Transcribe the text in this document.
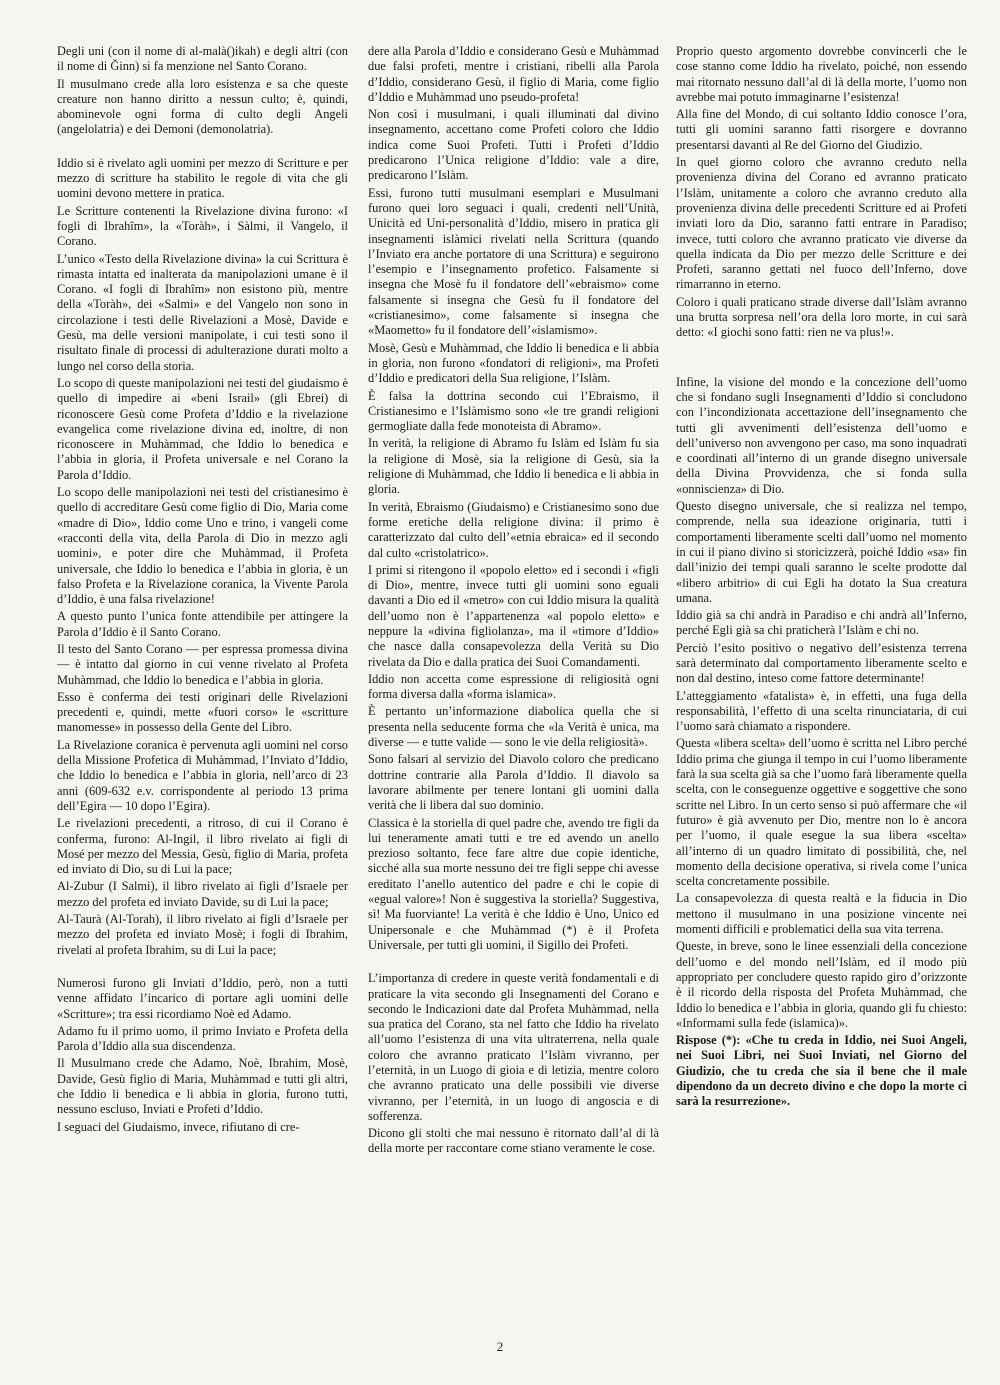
Degli uni (con il nome di al-malà()ikah) e degli altri (con il nome di Ğinn) si fa menzione nel Santo Corano.

Il musulmano crede alla loro esistenza e sa che queste creature non hanno diritto a nessun culto; è, quindi, abominevole ogni forma di culto degli Angeli (angelolatria) e dei Demoni (demonolatria).

Iddio si è rivelato agli uomini per mezzo di Scritture e per mezzo di scritture ha stabilito le regole di vita che gli uomini devono mettere in pratica.

Le Scritture contenenti la Rivelazione divina furono: «I fogli di Ibrahîm», la «Toràh», i Sàlmi, il Vangelo, il Corano.

L’unico «Testo della Rivelazione divina» la cui Scrittura è rimasta intatta ed inalterata da manipolazioni umane è il Corano. «I fogli di Ibrahîm» non esistono più, mentre della «Toràh», dei «Salmi» e del Vangelo non sono in circolazione i testi delle Rivelazioni a Mosè, Davide e Gesù, ma delle versioni manipolate, i cui testi sono il risultato finale di processi di adulterazione durati molto a lungo nel corso della storia.

Lo scopo di queste manipolazioni nei testi del giudaismo è quello di impedire ai «beni Israil» (gli Ebrei) di riconoscere Gesù come Profeta d’Iddio e la rivelazione evangelica come rivelazione divina ed, inoltre, di non riconoscere in Muhàmmad, che Iddio lo benedica e l’abbia in gloria, il Profeta universale e nel Corano la Parola d’Iddio.

Lo scopo delle manipolazioni nei testi del cristianesimo è quello di accreditare Gesù come figlio di Dio, Maria come «madre di Dio», Iddio come Uno e trino, i vangeli come «racconti della vita, della Parola di Dio in mezzo agli uomini», e poter dire che Muhàmmad, il Profeta universale, che Iddio lo benedica e l’abbia in gloria, è un falso Profeta e la Rivelazione coranica, la Vivente Parola d’Iddio, è una falsa rivelazione!

A questo punto l’unica fonte attendibile per attingere la Parola d’Iddio è il Santo Corano.

Il testo del Santo Corano — per espressa promessa divina — è intatto dal giorno in cui venne rivelato al Profeta Muhàmmad, che Iddio lo benedica e l’abbia in gloria.

Esso è conferma dei testi originari delle Rivelazioni precedenti e, quindi, mette «fuori corso» le «scritture manomesse» in possesso della Gente del Libro.

La Rivelazione coranica è pervenuta agli uomini nel corso della Missione Profetica di Muhàmmad, l’Inviato d’Iddio, che Iddio lo benedica e l’abbia in gloria, nell’arco di 23 anni (609-632 e.v. corrispondente al periodo 13 prima dell’Egira — 10 dopo l’Egira).

Le rivelazioni precedenti, a ritroso, di cui il Corano è conferma, furono: Al-Ingil, il libro rivelato ai figli di Mosé per mezzo del Messia, Gesù, figlio di Maria, profeta ed inviato di Dio, su di Lui la pace;

Al-Zubur (I Salmi), il libro rivelato ai figli d’Israele per mezzo del profeta ed inviato Davide, su di Lui la pace;

Al-Taurà (Al-Torah), il libro rivelato ai figli d’Israele per mezzo del profeta ed inviato Mosè; i fogli di Ibrahim, rivelati al profeta Ibrahim, su di Lui la pace;

Numerosi furono gli Inviati d’Iddio, però, non a tutti venne affidato l’incarico di portare agli uomini delle «Scritture»; tra essi ricordiamo Noè ed Adamo.

Adamo fu il primo uomo, il primo Inviato e Profeta della Parola d’Iddio alla sua discendenza.

Il Musulmano crede che Adamo, Noè, Ibrahim, Mosè, Davide, Gesù figlio di Maria, Muhàmmad e tutti gli altri, che Iddio li benedica e li abbia in gloria, furono tutti, nessuno escluso, Inviati e Profeti d’Iddio.

I seguaci del Giudaismo, invece, rifiutano di cre-

dere alla Parola d’Iddio e considerano Gesù e Muhàmmad due falsi profeti, mentre i cristiani, ribelli alla Parola d’Iddio, considerano Gesù, il figlio di Maria, come figlio d’Iddio e Muhàmmad uno pseudo-profeta!

Non così i musulmani, i quali illuminati dal divino insegnamento, accettano come Profeti coloro che Iddio indica come Suoi Profeti. Tutti i Profeti d’Iddio predicarono l’Unica religione d’Iddio: vale a dire, predicarono l’Islàm.

Essi, furono tutti musulmani esemplari e Musulmani furono quei loro seguaci i quali, credenti nell’Unità, Unicità ed Uni-personalità d’Iddio, misero in pratica gli insegnamenti islàmici rivelati nella Scrittura (quando l’Inviato era anche portatore di una Scrittura) e seguirono l’esempio e l’insegnamento profetico. Falsamente si insegna che Mosè fu il fondatore dell’«ebraismo» come falsamente si insegna che Gesù fu il fondatore del «cristianesimo», come falsamente si insegna che «Maometto» fu il fondatore dell’«islamismo».

Mosè, Gesù e Muhàmmad, che Iddio li benedica e li abbia in gloria, non furono «fondatori di religioni», ma Profeti d’Iddio e predicatori della Sua religione, l’Islàm.

È falsa la dottrina secondo cui l’Ebraismo, il Cristianesimo e l’Islàmismo sono «le tre grandi religioni germogliate dalla fede monoteista di Abramo».

In verità, la religione di Abramo fu Islàm ed Islàm fu sia la religione di Mosè, sia la religione di Gesù, sia la religione di Muhàmmad, che Iddio li benedica e li abbia in gloria.

In verità, Ebraismo (Giudaismo) e Cristianesimo sono due forme eretiche della religione divina: il primo è caratterizzato dal culto dell’«etnia ebraica» ed il secondo dal culto «cristolatrico».

I primi si ritengono il «popolo eletto» ed i secondi i «figli di Dio», mentre, invece tutti gli uomini sono eguali davanti a Dio ed il «metro» con cui Iddio misura la qualità dell’uomo non è l’appartenenza «al popolo eletto» e neppure la «divina figliolanza», ma il «timore d’Iddio» che nasce dalla consapevolezza della Verità su Dio rivelata da Dio e dalla pratica dei Suoi Comandamenti.

Iddio non accetta come espressione di religiosità ogni forma diversa dalla «forma islamica».

È pertanto un’informazione diabolica quella che si presenta nella seducente forma che «la Verità è unica, ma diverse — e tutte valide — sono le vie della religiosità».

Sono falsari al servizio del Diavolo coloro che predicano dottrine contrarie alla Parola d’Iddio. Il diavolo sa lavorare abilmente per tenere lontani gli uomini dalla verità che li libera dal suo dominio.

Classica è la storiella di quel padre che, avendo tre figli da lui teneramente amati tutti e tre ed avendo un anello prezioso soltanto, fece fare altre due copie identiche, sicché alla sua morte nessuno dei tre figli seppe chi avesse ereditato l’anello autentico del padre e chi le copie di «egual valore»! Non è suggestiva la storiella? Suggestiva, sì! Ma fuorviante! La verità è che Iddio è Uno, Unico ed Unipersonale e che Muhàmmad (*) è il Profeta Universale, per tutti gli uomini, il Sigillo dei Profeti.

L’importanza di credere in queste verità fondamentali e di praticare la vita secondo gli Insegnamenti del Corano e secondo le Indicazioni date dal Profeta Muhàmmad, nella sua pratica del Corano, sta nel fatto che Iddio ha rivelato all’uomo l’esistenza di una vita ultraterrena, nella quale coloro che avranno praticato l’Islàm vivranno, per l’eternità, in un Luogo di gioia e di letizia, mentre coloro che avranno praticato una delle possibili vie diverse vivranno, per l’eternità, in un luogo di angoscia e di sofferenza.

Dicono gli stolti che mai nessuno è ritornato dall’al di là della morte per raccontare come stiano veramente le cose.

Proprio questo argomento dovrebbe convincerli che le cose stanno come Iddio ha rivelato, poiché, non essendo mai ritornato nessuno dall’al di là della morte, l’uomo non avrebbe mai potuto immaginarne l’esistenza!

Alla fine del Mondo, di cui soltanto Iddio conosce l’ora, tutti gli uomini saranno fatti risorgere e dovranno presentarsi davanti al Re del Giorno del Giudizio.

In quel giorno coloro che avranno creduto nella provenienza divina del Corano ed avranno praticato l’Islàm, unitamente a coloro che avranno creduto alla provenienza divina delle precedenti Scritture ed ai Profeti inviati loro da Dio, saranno fatti entrare in Paradiso; invece, tutti coloro che avranno praticato vie diverse da quella indicata da Dio per mezzo delle Scritture e dei Profeti, saranno gettati nel fuoco dell’Inferno, dove rimarranno in eterno.

Coloro i quali praticano strade diverse dall’Islàm avranno una brutta sorpresa nell’ora della loro morte, in cui sarà detto: «I giochi sono fatti: rien ne va plus!».

Infine, la visione del mondo e la concezione dell’uomo che si fondano sugli Insegnamenti d’Iddio si concludono con l’incondizionata accettazione dell’insegnamento che tutti gli avvenimenti dell’esistenza dell’uomo e dell’universo non avvengono per caso, ma sono inquadrati e coordinati all’interno di un grande disegno universale della Divina Provvidenza, che si fonda sulla «onniscienza» di Dio.

Questo disegno universale, che si realizza nel tempo, comprende, nella sua ideazione originaria, tutti i comportamenti liberamente scelti dall’uomo nel momento in cui il piano divino si storicizzerà, poiché Iddio «sa» fin dall’inizio dei tempi quali saranno le scelte prodotte dal «libero arbitrio» di cui Egli ha dotato la Sua creatura umana.

Iddio già sa chi andrà in Paradiso e chi andrà all’Inferno, perché Egli già sa chi praticherà l’Islàm e chi no.

Perciò l’esito positivo o negativo dell’esistenza terrena sarà determinato dal comportamento liberamente scelto e non dal destino, inteso come fattore determinante!

L’atteggiamento «fatalista» è, in effetti, una fuga della responsabilità, l’effetto di una scelta rinunciataria, di cui l’uomo sarà chiamato a rispondere.

Questa «libera scelta» dell’uomo è scritta nel Libro perché Iddio prima che giunga il tempo in cui l’uomo liberamente farà la sua scelta già sa che l’uomo farà liberamente quella scelta, con le conseguenze oggettive e soggettive che sono scritte nel Libro. In un certo senso si può affermare che «il futuro» è già avvenuto per Dio, mentre non lo è ancora per l’uomo, il quale esegue la sua libera «scelta» all’interno di un quadro limitato di possibilità, che, nel momento della decisione operativa, si rivela come l’unica scelta concretamente possibile.

La consapevolezza di questa realtà e la fiducia in Dio mettono il musulmano in una posizione vincente nei momenti difficili e problematici della sua vita terrena.

Queste, in breve, sono le linee essenziali della concezione dell’uomo e del mondo nell’Islàm, ed il modo più appropriato per concludere questo rapido giro d’orizzonte è il ricordo della risposta del Profeta Muhàmmad, che Iddio lo benedica e l’abbia in gloria, quando gli fu chiesto: «Informami sulla fede (islamica)».

Rispose (*): «Che tu creda in Iddio, nei Suoi Angeli, nei Suoi Libri, nei Suoi Inviati, nel Giorno del Giudizio, che tu creda che sia il bene che il male dipendono da un decreto divino e che dopo la morte ci sarà la resurrezione».

2
